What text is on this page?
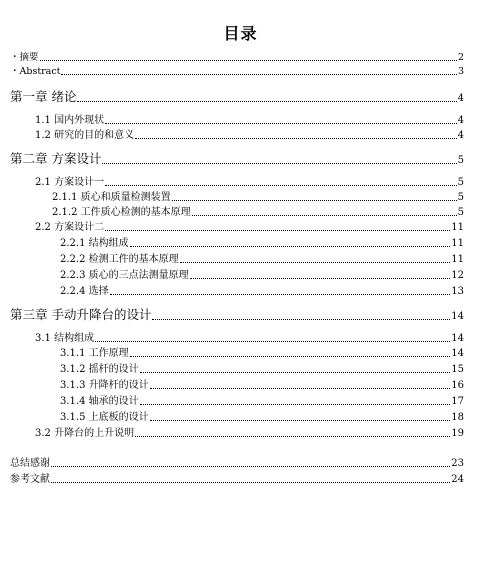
目录
・摘要	2
・Abstract	3
第一章 绪论	4
1.1 国内外现状	4
1.2 研究的目的和意义	4
第二章 方案设计	5
2.1 方案设计一	5
2.1.1 质心和质量检测装置	5
2.1.2 工件质心检测的基本原理	5
2.2 方案设计二	11
2.2.1 结构组成	11
2.2.2 检测工件的基本原理	11
2.2.3 质心的三点法测量原理	12
2.2.4 选择	13
第三章 手动升降台的设计	14
3.1 结构组成	14
3.1.1 工作原理	14
3.1.2 摇杆的设计	15
3.1.3 升降杆的设计	16
3.1.4 轴承的设计	17
3.1.5 上底板的设计	18
3.2 升降台的上升说明	19
总结感谢	23
参考文献	24
